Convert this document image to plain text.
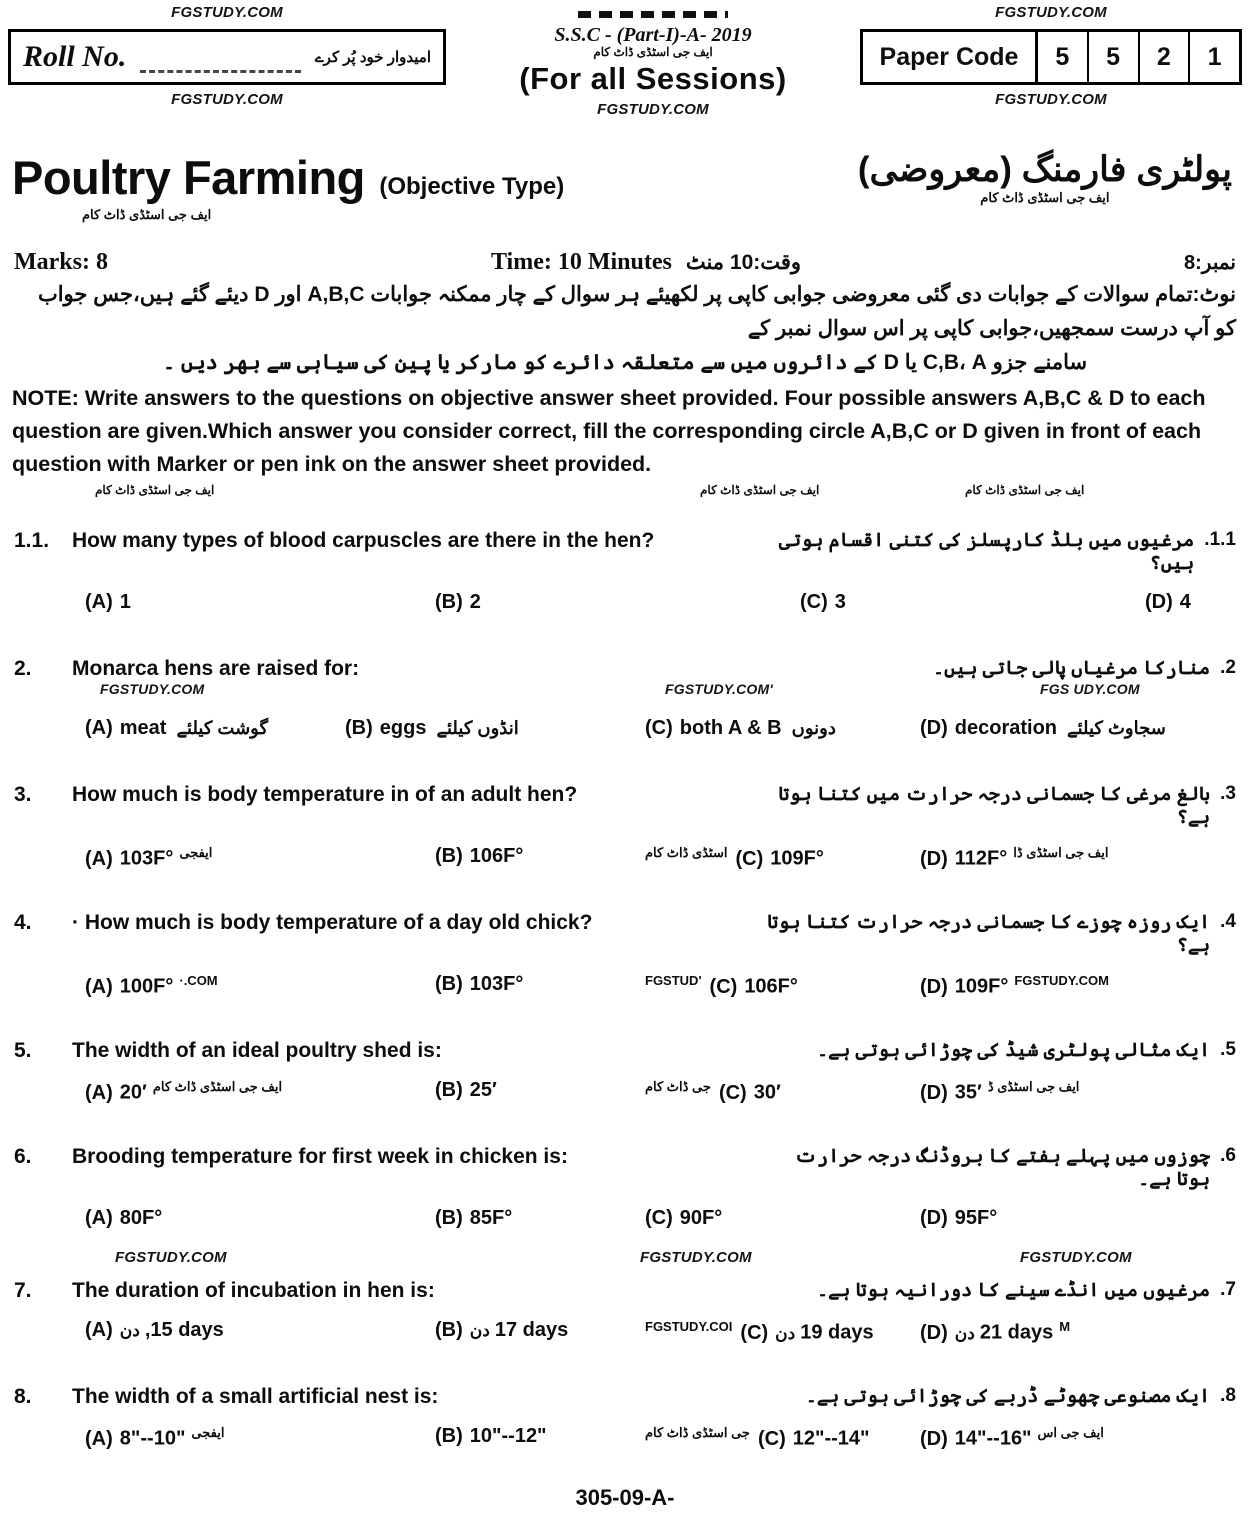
FGSTUDY.COM
Roll No.	امیدوار خود پُر کرے
FGSTUDY.COM
S.S.C - (Part-I)-A- 2019
ایف جی اسٹڈی ڈاٹ کام
(For all Sessions)
FGSTUDY.COM
FGSTUDY.COM
Paper Code	5	5	2	1
FGSTUDY.COM
Poultry Farming (Objective Type)
ایف جی اسٹڈی ڈاٹ کام
پولٹری فارمنگ (معروضی)
ایف جی اسٹڈی ڈاٹ کام
Marks: 8	Time: 10 Minutes وقت:10 منٹ	نمبر:8
نوٹ:تمام سوالات کے جوابات دی گئی معروضی جوابی کاپی پر لکھیئے ہر سوال کے چار ممکنہ جوابات A,B,C اور D دیئے گئے ہیں،جس جواب کو آپ درست سمجھیں،جوابی کاپی پر اس سوال نمبر کے
سامنے جزو C,B، A یا D کے دائروں میں سے متعلقہ دائرے کو مارکر یا پین کی سیاہی سے بھر دیں ۔
NOTE: Write answers to the questions on objective answer sheet provided. Four possible answers A,B,C & D to each question are given.Which answer you consider correct, fill the corresponding circle A,B,C or D given in front of each question with Marker or pen ink on the answer sheet provided.
ایف جی اسٹڈی ڈاٹ کام	ایف جی اسٹڈی ڈاٹ کام	ایف جی اسٹڈی ڈاٹ کام
1.1.	How many types of blood carpuscles are there in the hen?	1.1.
مرغیوں میں بلڈ کارپسلز کی کتنی اقسام ہوتی ہیں؟
(A) 1	(B) 2	(C) 3	(D) 4
2.	Monarca hens are raised for:	2.
منارکا مرغیاں پالی جاتی ہیں۔
FGSTUDY.COM	FGSTUDY.COM'	FGS UDY.COM
(A) meat گوشت کیلئے	(B) eggs انڈوں کیلئے	(C) both A & B دونوں	(D) decoration سجاوٹ کیلئے
3.	How much is body temperature in of an adult hen?	3.
بالغ مرغی کا جسمانی درجہ حرارت میں کتنا ہوتا ہے؟
(A) 103F° $^{ایفجی}$	(B) 106F°	$^{اسٹڈی ڈاٹ کام}$ (C) 109F°	(D) 112F° $^{ایف جی اسٹڈی ڈا}$
4.	· How much is body temperature of a day old chick?	4.
ایک روزہ چوزے کا جسمانی درجہ حرارت کتنا ہوتا ہے؟
(A) 100F° $^{\cdot.COM}$	(B) 103F°	$^{FGSTUD'}$ (C) 106F°	(D) 109F° $^{FGSTUDY.COM}$
5.	The width of an ideal poultry shed is:	5.
ایک مثالی پولٹری شیڈ کی چوڑائی ہوتی ہے۔
(A) 20′ $^{ایف جی اسٹڈی ڈاٹ کام}$	(B) 25′	$^{جی ڈاٹ کام}$ (C) 30′	(D) 35′ $^{ایف جی اسٹڈی ڈ}$
6.	Brooding temperature for first week in chicken is:	6.
چوزوں میں پہلے ہفتے کا بروڈنگ درجہ حرارت ہوتا ہے۔
(A) 80F°	(B) 85F°	(C) 90F°	(D) 95F°
FGSTUDY.COM	FGSTUDY.COM	FGSTUDY.COM
7.	The duration of incubation in hen is:	7.
مرغیوں میں انڈے سینے کا دورانیہ ہوتا ہے۔
(A) دن ,15 days	(B) دن 17 days	$^{FGSTUDY.COI}$ (C) دن 19 days (D) دن 21 days $^M$
8.	The width of a small artificial nest is:	8.
ایک مصنوعی چھوٹے ڈربے کی چوڑائی ہوتی ہے۔
(A) 8"--10" $^{ایفجی}$	(B) 10"--12"	$^{جی اسٹڈی ڈاٹ کام}$ (C) 12"--14"	(D) 14"--16" $^{ایف جی اس}$
305-09-A-
